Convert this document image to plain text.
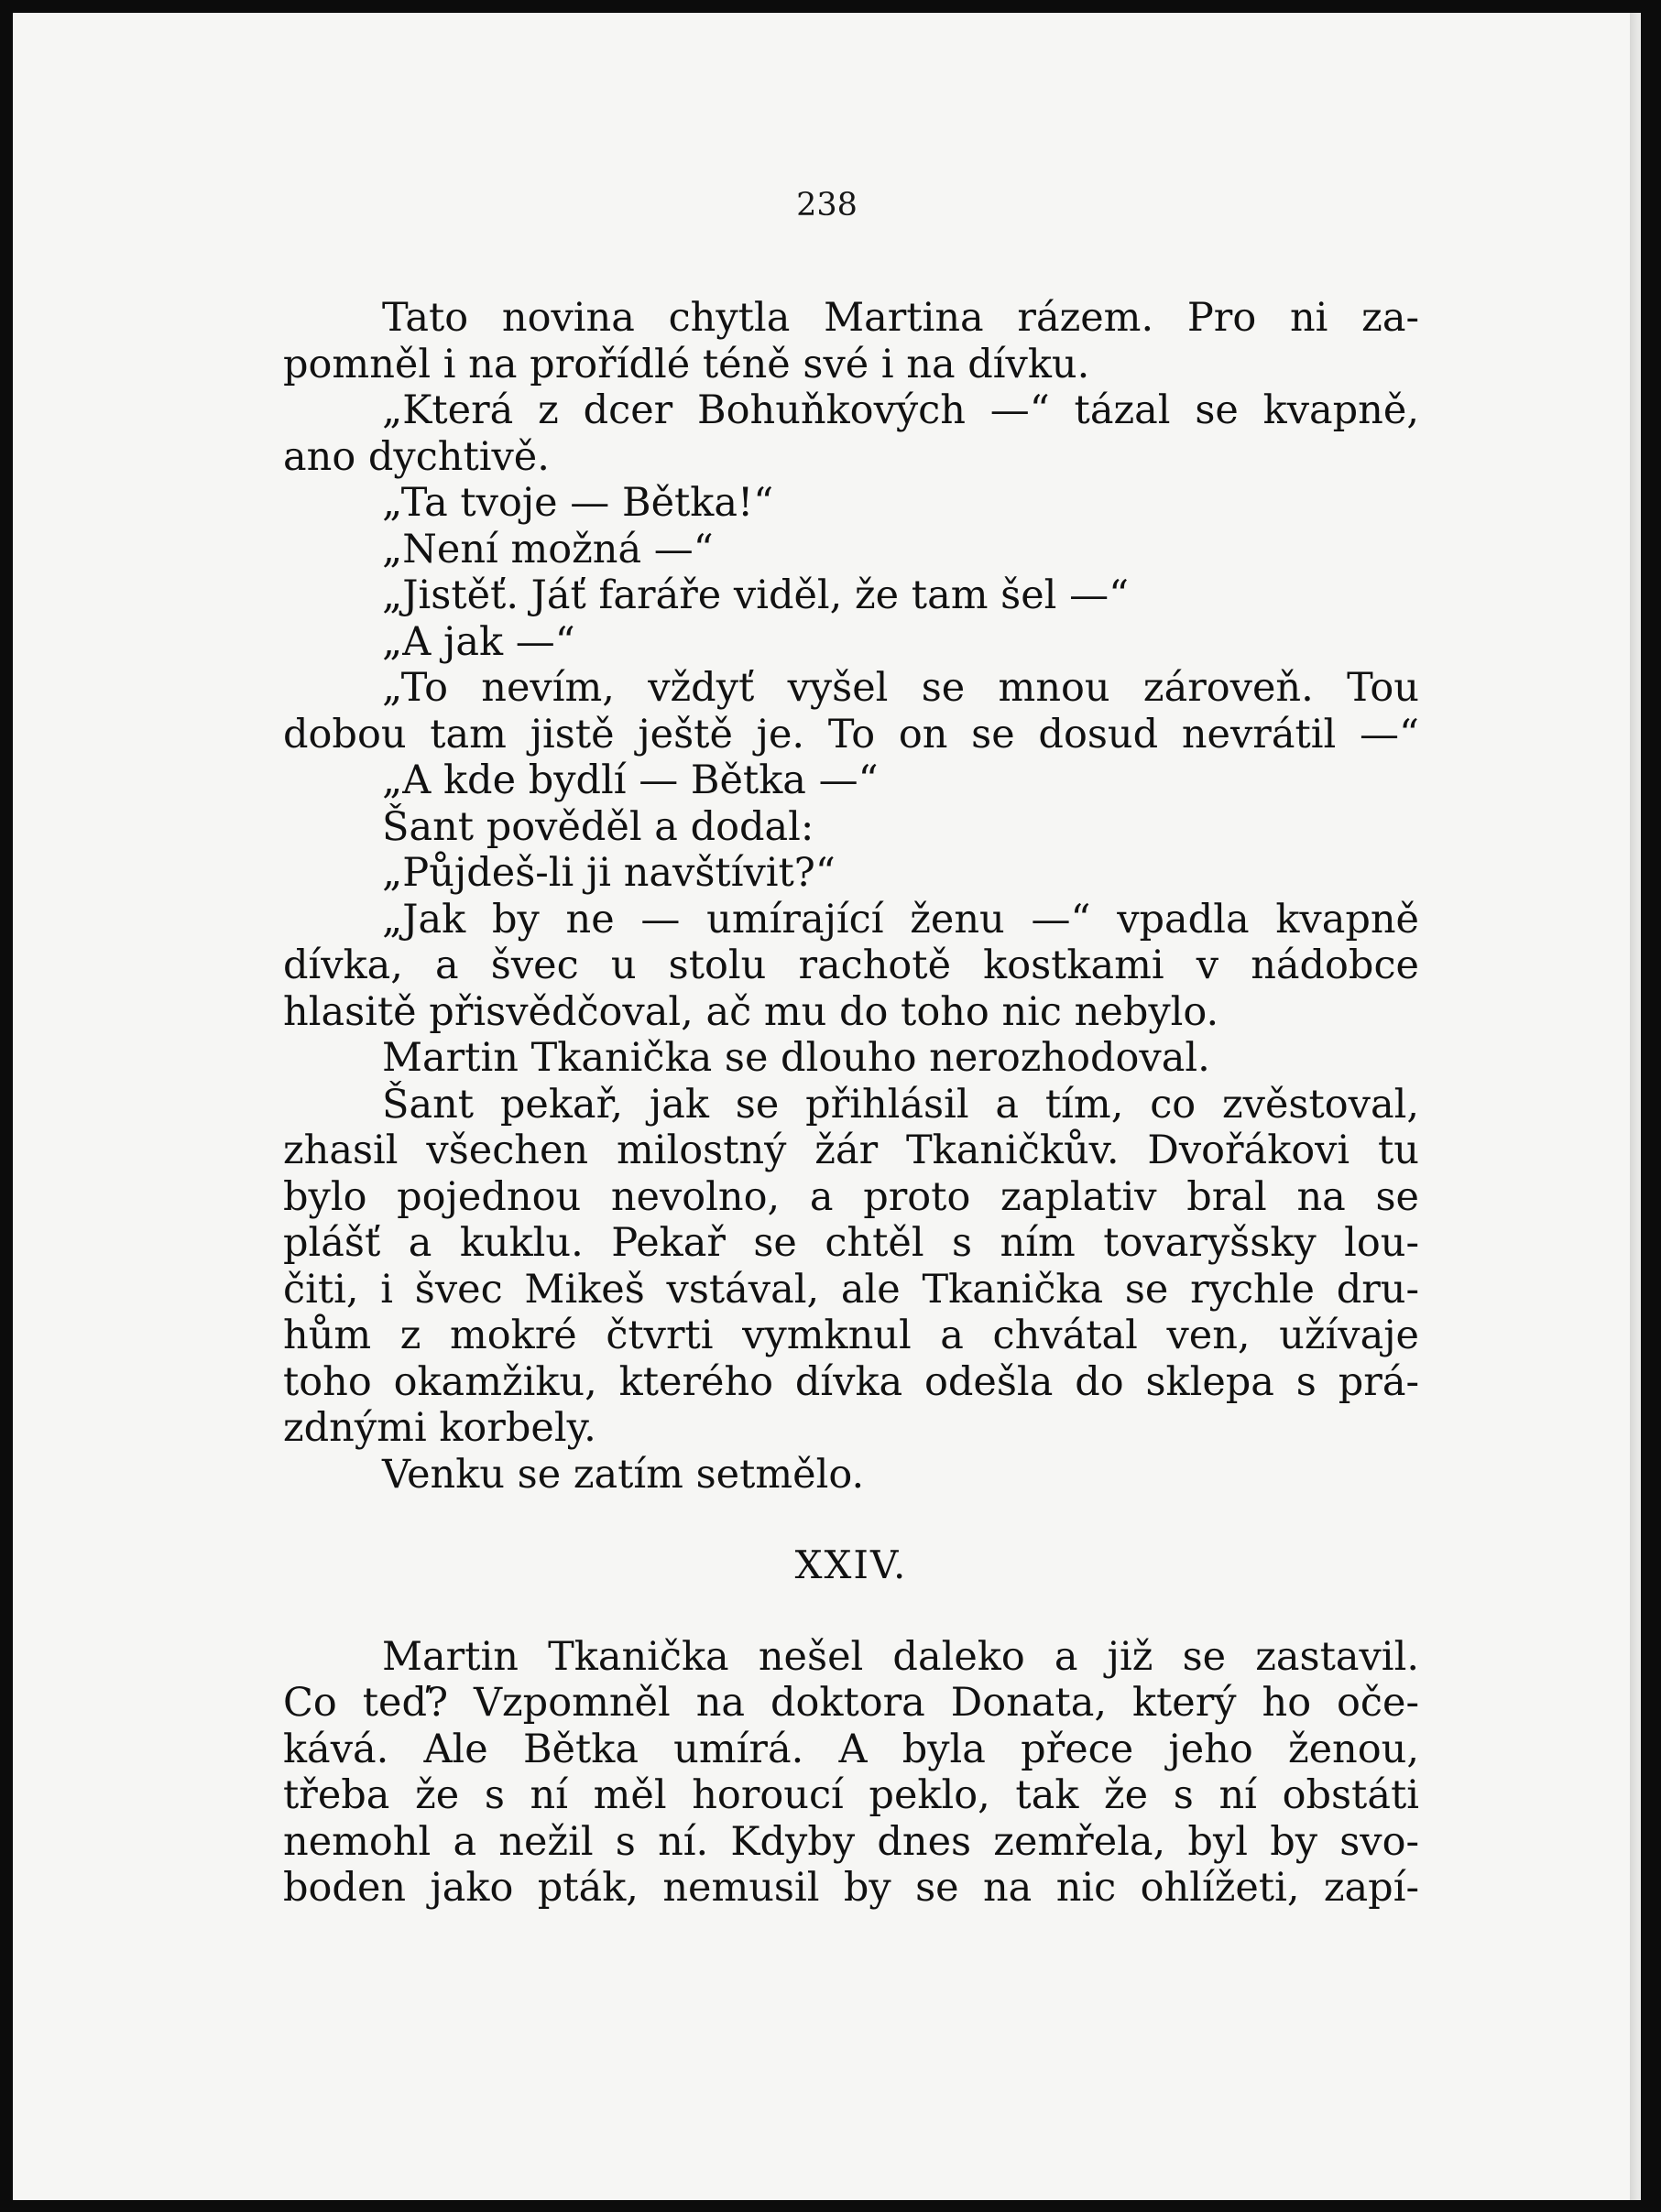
238
Tato novina chytla Martina rázem. Pro ni za-
pomněl i na prořídlé téně své i na dívku.
„Která z dcer Bohuňkových —“ tázal se kvapně,
ano dychtivě.
„Ta tvoje — Bětka!“
„Není možná —“
„Jistěť. Jáť faráře viděl, že tam šel —“
„A jak —“
„To nevím, vždyť vyšel se mnou zároveň. Tou
dobou tam jistě ještě je. To on se dosud nevrátil —“
„A kde bydlí — Bětka —“
Šant pověděl a dodal:
„Půjdeš-li ji navštívit?“
„Jak by ne — umírající ženu —“ vpadla kvapně
dívka, a švec u stolu rachotě kostkami v nádobce
hlasitě přisvědčoval, ač mu do toho nic nebylo.
Martin Tkanička se dlouho nerozhodoval.
Šant pekař, jak se přihlásil a tím, co zvěstoval,
zhasil všechen milostný žár Tkaničkův. Dvořákovi tu
bylo pojednou nevolno, a proto zaplativ bral na se
plášť a kuklu. Pekař se chtěl s ním tovaryšsky lou-
čiti, i švec Mikeš vstával, ale Tkanička se rychle dru-
hům z mokré čtvrti vymknul a chvátal ven, užívaje
toho okamžiku, kterého dívka odešla do sklepa s prá-
zdnými korbely.
Venku se zatím setmělo.
XXIV.
Martin Tkanička nešel daleko a již se zastavil.
Co teď? Vzpomněl na doktora Donata, který ho oče-
kává. Ale Bětka umírá. A byla přece jeho ženou,
třeba že s ní měl horoucí peklo, tak že s ní obstáti
nemohl a nežil s ní. Kdyby dnes zemřela, byl by svo-
boden jako pták, nemusil by se na nic ohlížeti, zapí-
